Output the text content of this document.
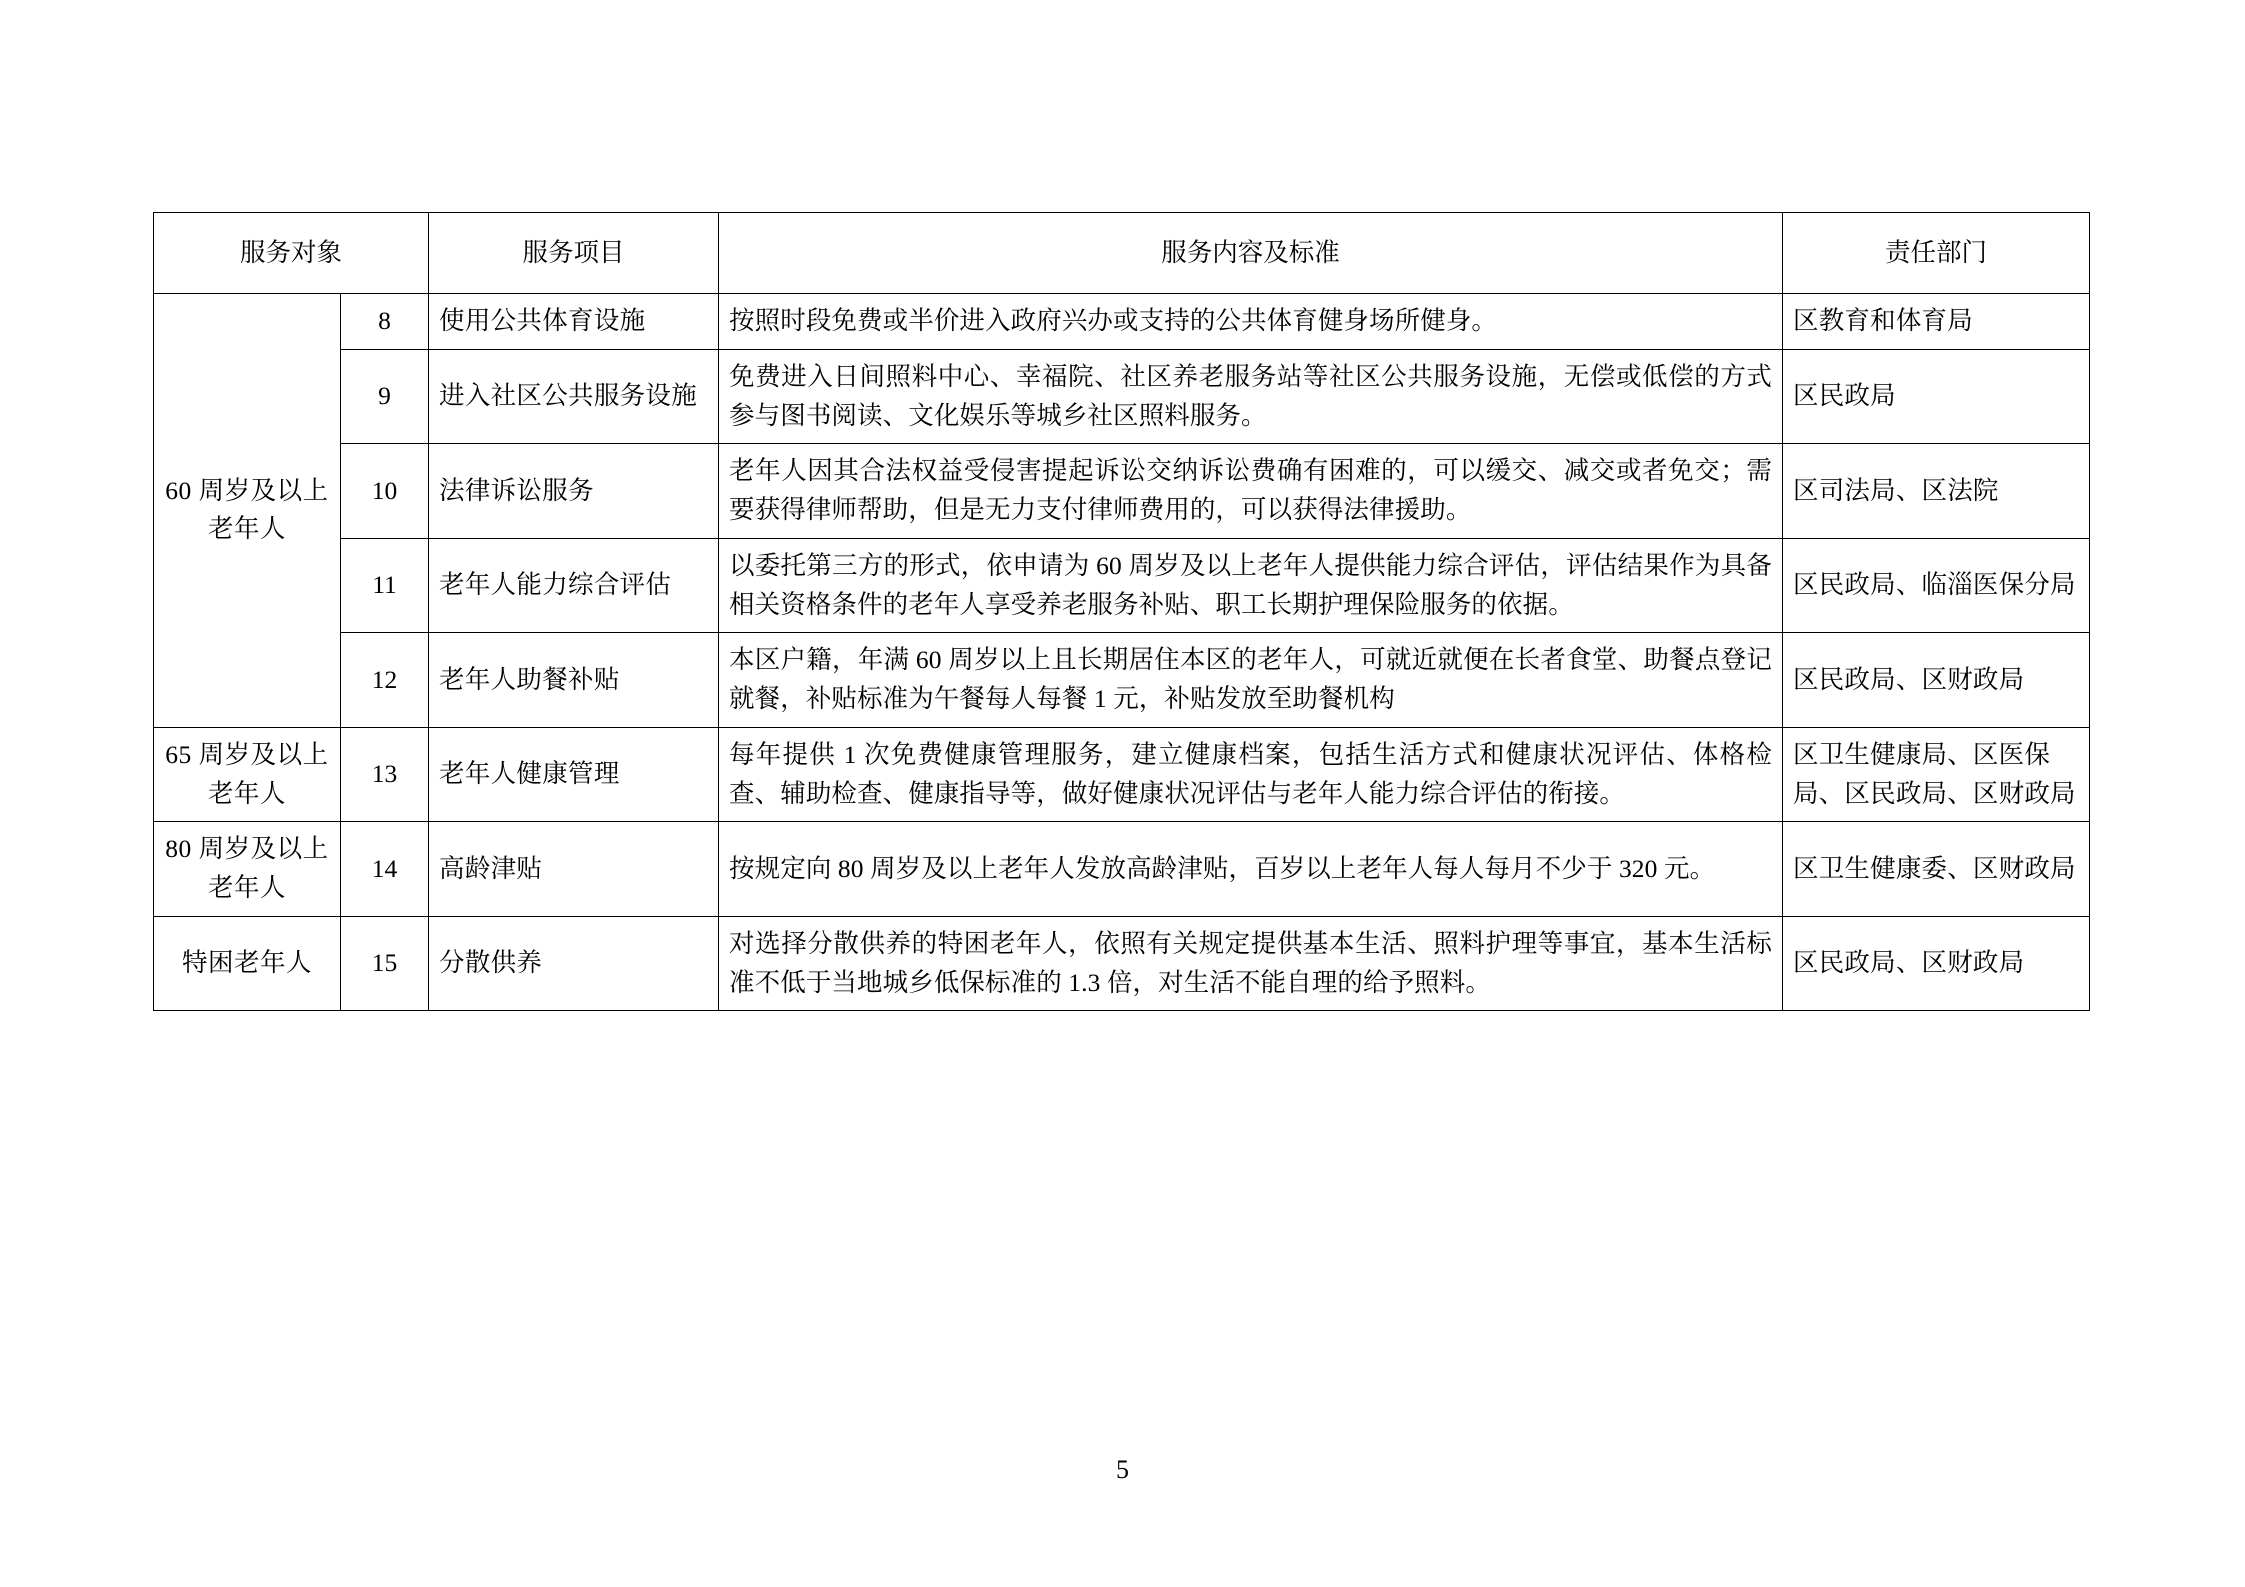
服务对象		服务项目	服务内容及标准	责任部门
60 周岁及以上老年人	8	使用公共体育设施	按照时段免费或半价进入政府兴办或支持的公共体育健身场所健身。	区教育和体育局
	9	进入社区公共服务设施	免费进入日间照料中心、幸福院、社区养老服务站等社区公共服务设施，无偿或低偿的方式参与图书阅读、文化娱乐等城乡社区照料服务。	区民政局
	10	法律诉讼服务	老年人因其合法权益受侵害提起诉讼交纳诉讼费确有困难的，可以缓交、减交或者免交；需要获得律师帮助，但是无力支付律师费用的，可以获得法律援助。	区司法局、区法院
	11	老年人能力综合评估	以委托第三方的形式，依申请为 60 周岁及以上老年人提供能力综合评估，评估结果作为具备相关资格条件的老年人享受养老服务补贴、职工长期护理保险服务的依据。	区民政局、临淄医保分局
	12	老年人助餐补贴	本区户籍，年满 60 周岁以上且长期居住本区的老年人，可就近就便在长者食堂、助餐点登记就餐，补贴标准为午餐每人每餐 1 元，补贴发放至助餐机构	区民政局、区财政局
65 周岁及以上老年人	13	老年人健康管理	每年提供 1 次免费健康管理服务，建立健康档案，包括生活方式和健康状况评估、体格检查、辅助检查、健康指导等，做好健康状况评估与老年人能力综合评估的衔接。	区卫生健康局、区医保局、区民政局、区财政局
80 周岁及以上老年人	14	高龄津贴	按规定向 80 周岁及以上老年人发放高龄津贴，百岁以上老年人每人每月不少于 320 元。	区卫生健康委、区财政局
特困老年人	15	分散供养	对选择分散供养的特困老年人，依照有关规定提供基本生活、照料护理等事宜，基本生活标准不低于当地城乡低保标准的 1.3 倍，对生活不能自理的给予照料。	区民政局、区财政局
5
